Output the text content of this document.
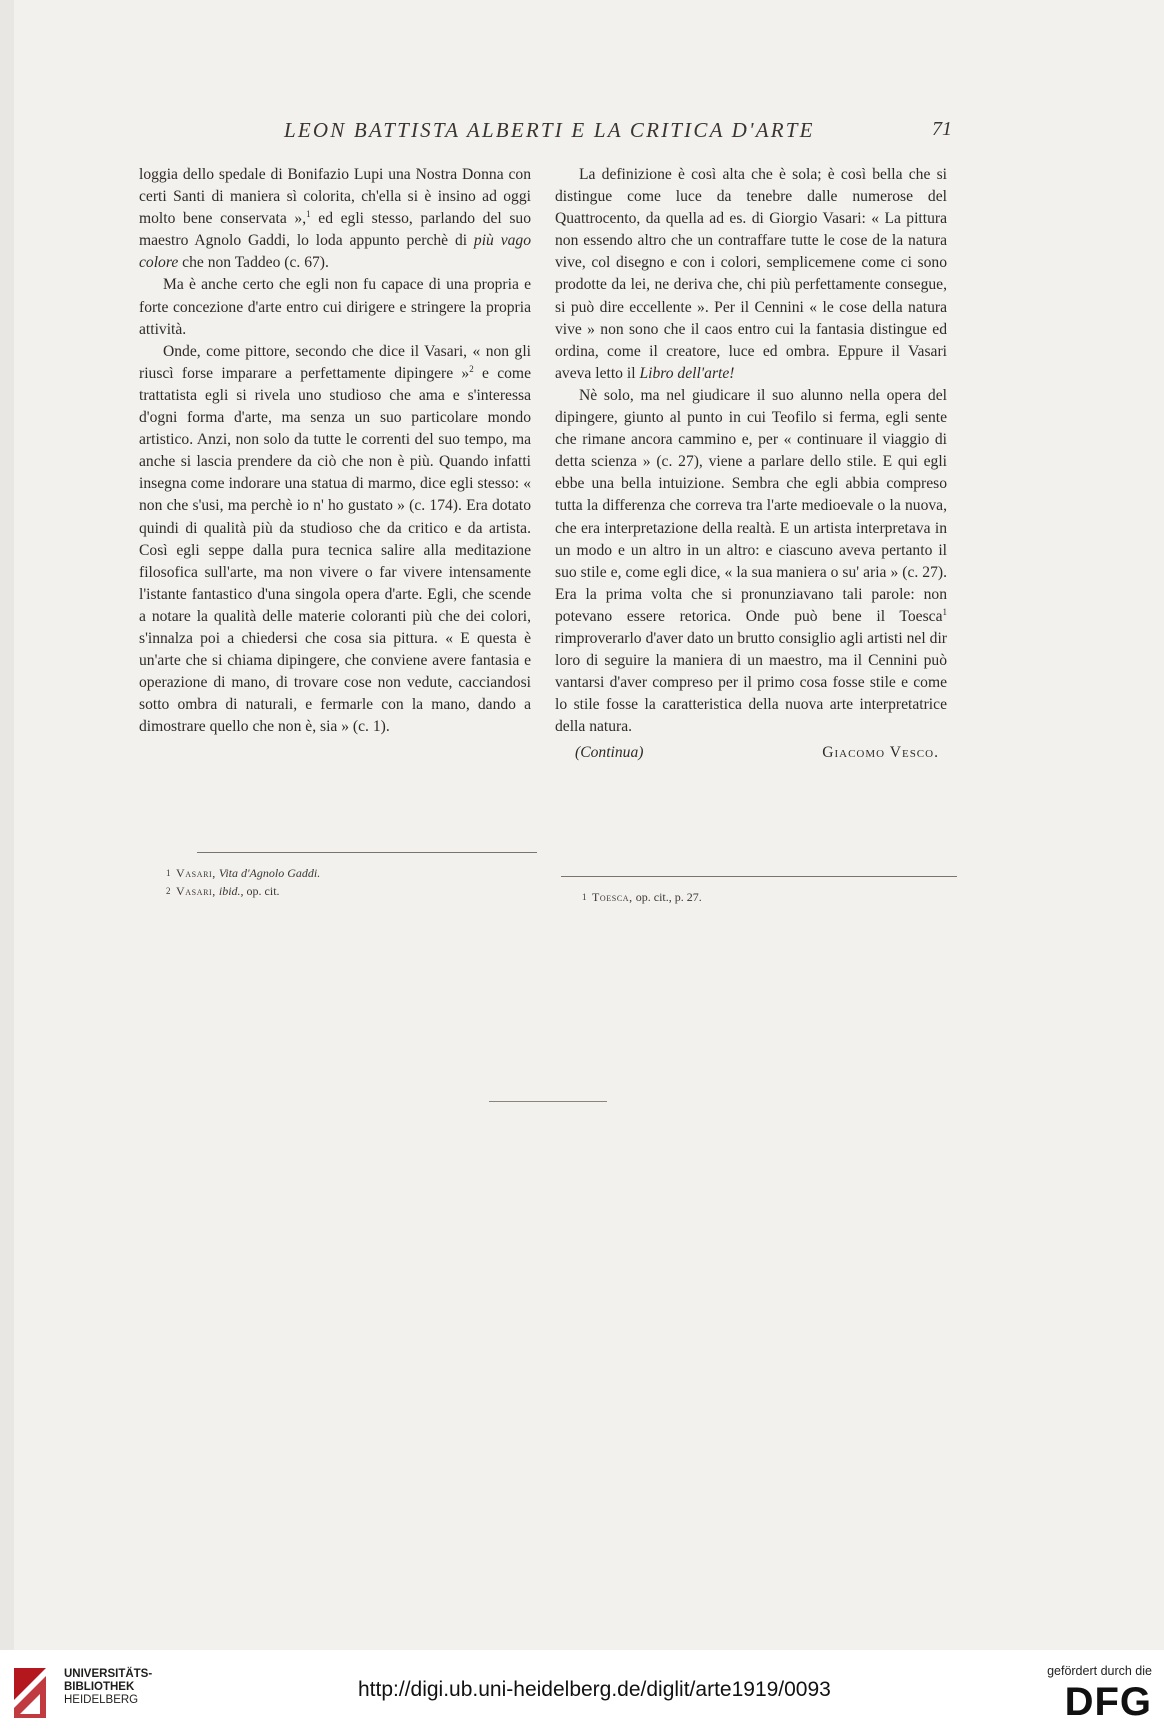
LEON BATTISTA ALBERTI E LA CRITICA D'ARTE	71

loggia dello spedale di Bonifazio Lupi una Nostra Donna con certi Santi di maniera sì colorita, ch'ella si è insino ad oggi molto bene conservata »,$^1$ ed egli stesso, parlando del suo maestro Agnolo Gaddi, lo loda appunto perchè di più vago colore che non Taddeo (c. 67).

Ma è anche certo che egli non fu capace di una propria e forte concezione d'arte entro cui dirigere e stringere la propria attività.

Onde, come pittore, secondo che dice il Vasari, « non gli riuscì forse imparare a perfettamente dipingere »$^2$ e come trattatista egli si rivela uno studioso che ama e s'interessa d'ogni forma d'arte, ma senza un suo particolare mondo artistico. Anzi, non solo da tutte le correnti del suo tempo, ma anche si lascia prendere da ciò che non è più. Quando infatti insegna come indorare una statua di marmo, dice egli stesso: « non che s'usi, ma perchè io n' ho gustato » (c. 174). Era dotato quindi di qualità più da studioso che da critico e da artista. Così egli seppe dalla pura tecnica salire alla meditazione filosofica sull'arte, ma non vivere o far vivere intensamente l'istante fantastico d'una singola opera d'arte. Egli, che scende a notare la qualità delle materie coloranti più che dei colori, s'innalza poi a chiedersi che cosa sia pittura. « E questa è un'arte che si chiama dipingere, che conviene avere fantasia e operazione di mano, di trovare cose non vedute, cacciandosi sotto ombra di naturali, e fermarle con la mano, dando a dimostrare quello che non è, sia » (c. 1).

La definizione è così alta che è sola; è così bella che si distingue come luce da tenebre dalle numerose del Quattrocento, da quella ad es. di Giorgio Vasari: « La pittura non essendo altro che un contraffare tutte le cose de la natura vive, col disegno e con i colori, semplicemene come ci sono prodotte da lei, ne deriva che, chi più perfettamente consegue, si può dire eccellente ». Per il Cennini « le cose della natura vive » non sono che il caos entro cui la fantasia distingue ed ordina, come il creatore, luce ed ombra. Eppure il Vasari aveva letto il Libro dell'arte!

Nè solo, ma nel giudicare il suo alunno nella opera del dipingere, giunto al punto in cui Teofilo si ferma, egli sente che rimane ancora cammino e, per « continuare il viaggio di detta scienza » (c. 27), viene a parlare dello stile. E qui egli ebbe una bella intuizione. Sembra che egli abbia compreso tutta la differenza che correva tra l'arte medioevale o la nuova, che era interpretazione della realtà. E un artista interpretava in un modo e un altro in un altro: e ciascuno aveva pertanto il suo stile e, come egli dice, « la sua maniera o su' aria » (c. 27). Era la prima volta che si pronunziavano tali parole: non potevano essere retorica. Onde può bene il Toesca$^1$ rimproverarlo d'aver dato un brutto consiglio agli artisti nel dir loro di seguire la maniera di un maestro, ma il Cennini può vantarsi d'aver compreso per il primo cosa fosse stile e come lo stile fosse la caratteristica della nuova arte interpretatrice della natura.

(Continua)	Giacomo Vesco.

1 Vasari, Vita d'Agnolo Gaddi.

2 Vasari, ibid., op. cit.	1 Toesca, op. cit., p. 27.

UNIVERSITÄTS-
BIBLIOTHEK
HEIDELBERG	http://digi.ub.uni-heidelberg.de/diglit/arte1919/0093
gefördert durch die
DFG
